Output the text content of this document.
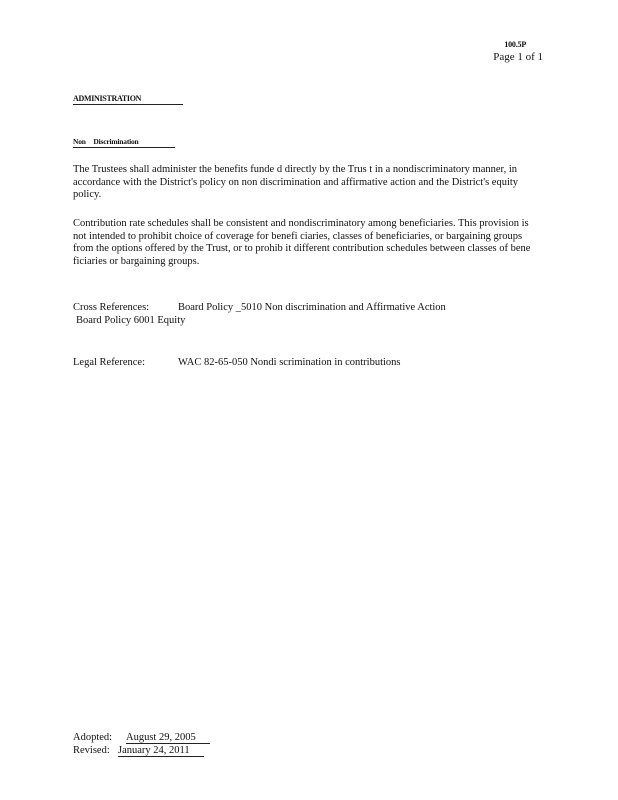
100.5P
Page 1 of 1
ADMINISTRATION
Non Discrimination

The Trustees shall administer the benefits funde d directly by the Trus t in a nondiscriminatory manner, in accordance with the District's policy on non discrimination and affirmative action and the District's equity policy.

Contribution rate schedules shall be consistent and nondiscriminatory among beneficiaries. This provision is not intended to prohibit choice of coverage for benefi ciaries, classes of beneficiaries, or bargaining groups from the options offered by the Trust, or to prohib it different contribution schedules between classes of bene ficiaries or bargaining groups.

Cross References:	Board Policy _5010 Non discrimination and Affirmative Action
Board Policy 6001 Equity
Legal Reference:	WAC 82-65-050 Nondi scrimination in contributions
Adopted: August 29, 2005
Revised: January 24, 2011
